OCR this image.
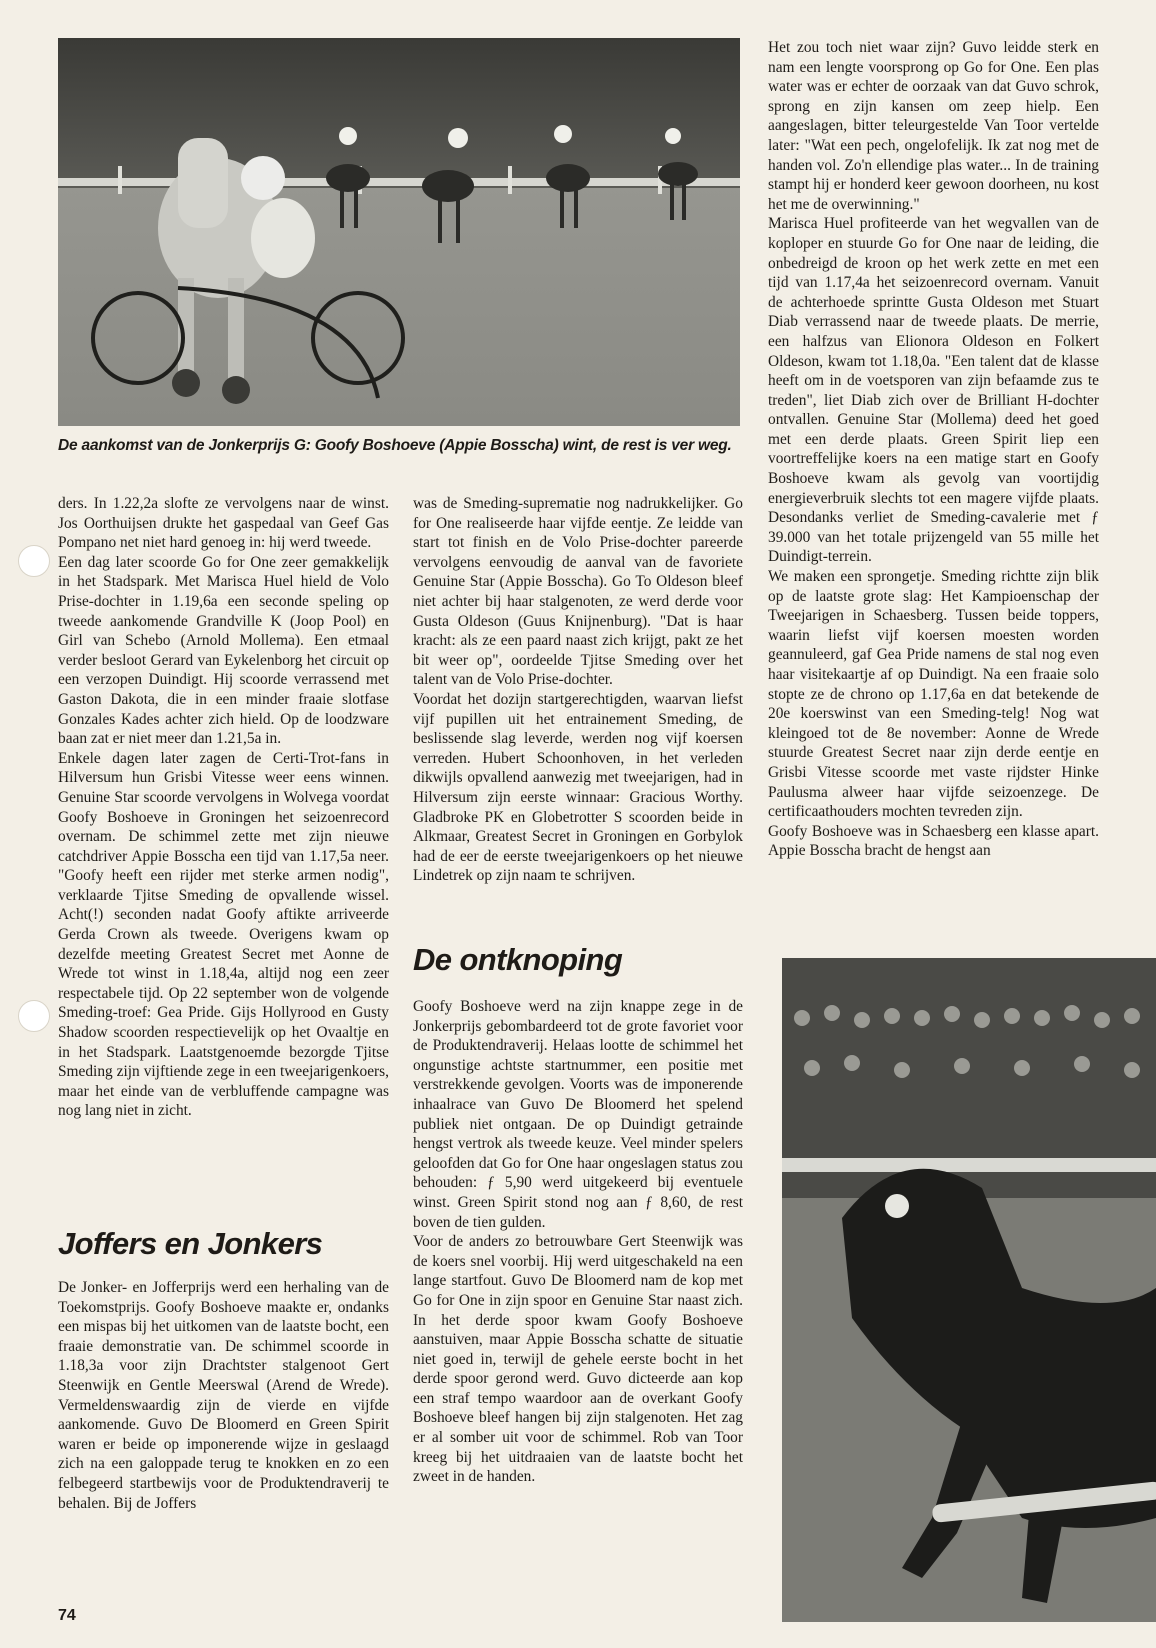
De aankomst van de Jonkerprijs G: Goofy Boshoeve (Appie Bosscha) wint, de rest is ver weg.

ders. In 1.22,2a slofte ze vervolgens naar de winst. Jos Oorthuijsen drukte het gaspedaal van Geef Gas Pompano net niet hard genoeg in: hij werd tweede.

Een dag later scoorde Go for One zeer gemakkelijk in het Stadspark. Met Marisca Huel hield de Volo Prise-dochter in 1.19,6a een seconde speling op tweede aankomende Grandville K (Joop Pool) en Girl van Schebo (Arnold Mollema). Een etmaal verder besloot Gerard van Eykelenborg het circuit op een verzopen Duindigt. Hij scoorde verrassend met Gaston Dakota, die in een minder fraaie slotfase Gonzales Kades achter zich hield. Op de loodzware baan zat er niet meer dan 1.21,5a in.

Enkele dagen later zagen de Certi-Trot-fans in Hilversum hun Grisbi Vitesse weer eens winnen. Genuine Star scoorde vervolgens in Wolvega voordat Goofy Boshoeve in Groningen het seizoenrecord overnam. De schimmel zette met zijn nieuwe catchdriver Appie Bosscha een tijd van 1.17,5a neer. "Goofy heeft een rijder met sterke armen nodig", verklaarde Tjitse Smeding de opvallende wissel. Acht(!) seconden nadat Goofy aftikte arriveerde Gerda Crown als tweede. Overigens kwam op dezelfde meeting Greatest Secret met Aonne de Wrede tot winst in 1.18,4a, altijd nog een zeer respectabele tijd. Op 22 september won de volgende Smeding-troef: Gea Pride. Gijs Hollyrood en Gusty Shadow scoorden respectievelijk op het Ovaaltje en in het Stadspark. Laatstgenoemde bezorgde Tjitse Smeding zijn vijftiende zege in een tweejarigenkoers, maar het einde van de verbluffende campagne was nog lang niet in zicht.

Joffers en Jonkers

De Jonker- en Jofferprijs werd een herhaling van de Toekomstprijs. Goofy Boshoeve maakte er, ondanks een mispas bij het uitkomen van de laatste bocht, een fraaie demonstratie van. De schimmel scoorde in 1.18,3a voor zijn Drachtster stalgenoot Gert Steenwijk en Gentle Meerswal (Arend de Wrede). Vermeldenswaardig zijn de vierde en vijfde aankomende. Guvo De Bloomerd en Green Spirit waren er beide op imponerende wijze in geslaagd zich na een galoppade terug te knokken en zo een felbegeerd startbewijs voor de Produktendraverij te behalen. Bij de Joffers

was de Smeding-suprematie nog nadrukkelijker. Go for One realiseerde haar vijfde eentje. Ze leidde van start tot finish en de Volo Prise-dochter pareerde vervolgens eenvoudig de aanval van de favoriete Genuine Star (Appie Bosscha). Go To Oldeson bleef niet achter bij haar stalgenoten, ze werd derde voor Gusta Oldeson (Guus Knijnenburg). "Dat is haar kracht: als ze een paard naast zich krijgt, pakt ze het bit weer op", oordeelde Tjitse Smeding over het talent van de Volo Prise-dochter.

Voordat het dozijn startgerechtigden, waarvan liefst vijf pupillen uit het entrainement Smeding, de beslissende slag leverde, werden nog vijf koersen verreden. Hubert Schoonhoven, in het verleden dikwijls opvallend aanwezig met tweejarigen, had in Hilversum zijn eerste winnaar: Gracious Worthy. Gladbroke PK en Globetrotter S scoorden beide in Alkmaar, Greatest Secret in Groningen en Gorbylok had de eer de eerste tweejarigenkoers op het nieuwe Lindetrek op zijn naam te schrijven.

De ontknoping

Goofy Boshoeve werd na zijn knappe zege in de Jonkerprijs gebombardeerd tot de grote favoriet voor de Produktendraverij. Helaas lootte de schimmel het ongunstige achtste startnummer, een positie met verstrekkende gevolgen. Voorts was de imponerende inhaalrace van Guvo De Bloomerd het spelend publiek niet ontgaan. De op Duindigt getrainde hengst vertrok als tweede keuze. Veel minder spelers geloofden dat Go for One haar ongeslagen status zou behouden: ƒ 5,90 werd uitgekeerd bij eventuele winst. Green Spirit stond nog aan ƒ 8,60, de rest boven de tien gulden.

Voor de anders zo betrouwbare Gert Steenwijk was de koers snel voorbij. Hij werd uitgeschakeld na een lange startfout. Guvo De Bloomerd nam de kop met Go for One in zijn spoor en Genuine Star naast zich. In het derde spoor kwam Goofy Boshoeve aanstuiven, maar Appie Bosscha schatte de situatie niet goed in, terwijl de gehele eerste bocht in het derde spoor gerond werd. Guvo dicteerde aan kop een straf tempo waardoor aan de overkant Goofy Boshoeve bleef hangen bij zijn stalgenoten. Het zag er al somber uit voor de schimmel. Rob van Toor kreeg bij het uitdraaien van de laatste bocht het zweet in de handen.

Het zou toch niet waar zijn? Guvo leidde sterk en nam een lengte voorsprong op Go for One. Een plas water was er echter de oorzaak van dat Guvo schrok, sprong en zijn kansen om zeep hielp. Een aangeslagen, bitter teleurgestelde Van Toor vertelde later: "Wat een pech, ongelofelijk. Ik zat nog met de handen vol. Zo'n ellendige plas water... In de training stampt hij er honderd keer gewoon doorheen, nu kost het me de overwinning."

Marisca Huel profiteerde van het wegvallen van de koploper en stuurde Go for One naar de leiding, die onbedreigd de kroon op het werk zette en met een tijd van 1.17,4a het seizoenrecord overnam. Vanuit de achterhoede sprintte Gusta Oldeson met Stuart Diab verrassend naar de tweede plaats. De merrie, een halfzus van Elionora Oldeson en Folkert Oldeson, kwam tot 1.18,0a. "Een talent dat de klasse heeft om in de voetsporen van zijn befaamde zus te treden", liet Diab zich over de Brilliant H-dochter ontvallen. Genuine Star (Mollema) deed het goed met een derde plaats. Green Spirit liep een voortreffelijke koers na een matige start en Goofy Boshoeve kwam als gevolg van voortijdig energieverbruik slechts tot een magere vijfde plaats. Desondanks verliet de Smeding-cavalerie met ƒ 39.000 van het totale prijzengeld van 55 mille het Duindigt-terrein.

We maken een sprongetje. Smeding richtte zijn blik op de laatste grote slag: Het Kampioenschap der Tweejarigen in Schaesberg. Tussen beide toppers, waarin liefst vijf koersen moesten worden geannuleerd, gaf Gea Pride namens de stal nog even haar visitekaartje af op Duindigt. Na een fraaie solo stopte ze de chrono op 1.17,6a en dat betekende de 20e koerswinst van een Smeding-telg! Nog wat kleingoed tot de 8e november: Aonne de Wrede stuurde Greatest Secret naar zijn derde eentje en Grisbi Vitesse scoorde met vaste rijdster Hinke Paulusma alweer haar vijfde seizoenzege. De certificaathouders mochten tevreden zijn.

Goofy Boshoeve was in Schaesberg een klasse apart. Appie Bosscha bracht de hengst aan

74
